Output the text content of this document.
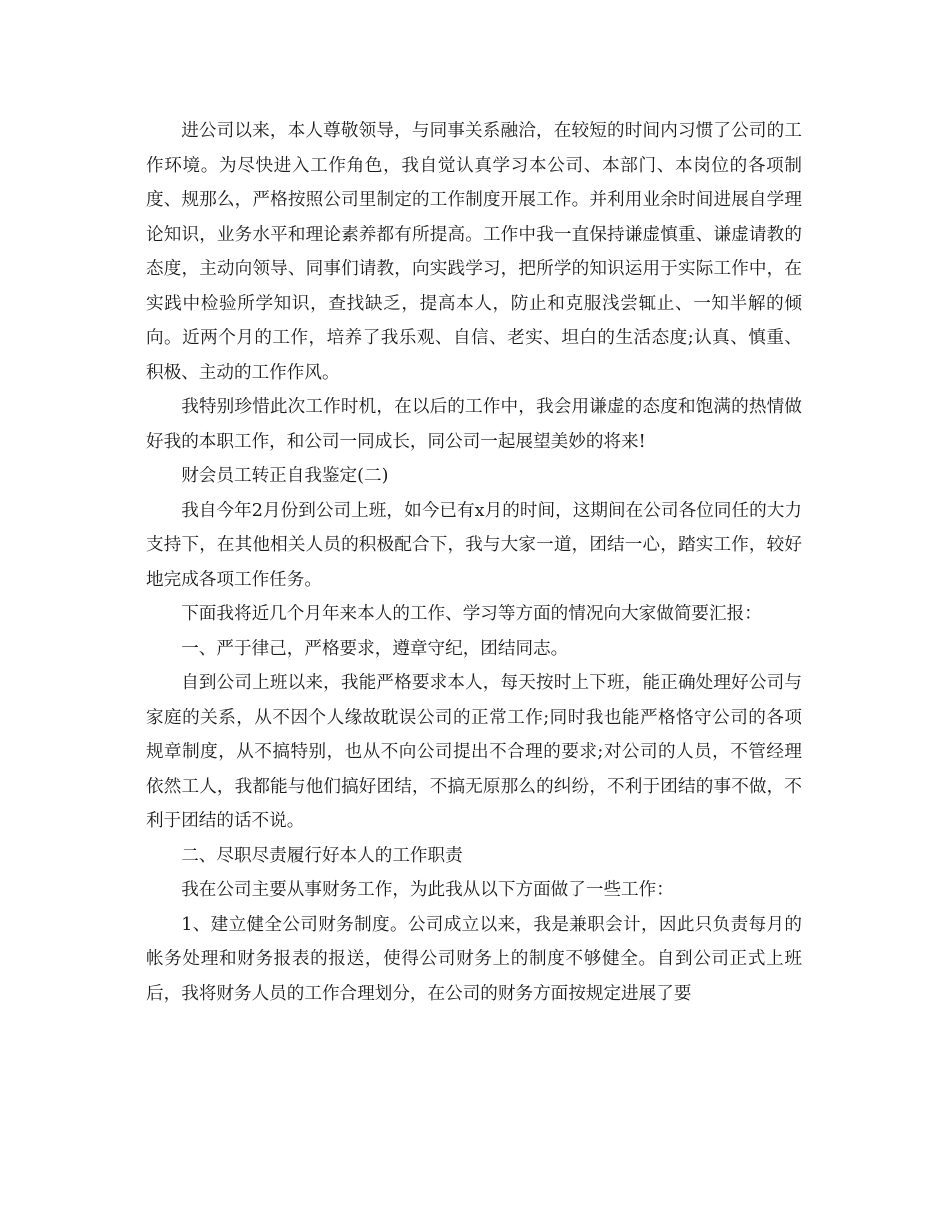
进公司以来，本人尊敬领导，与同事关系融洽，在较短的时间内习惯了公司的工作环境。为尽快进入工作角色，我自觉认真学习本公司、本部门、本岗位的各项制度、规那么，严格按照公司里制定的工作制度开展工作。并利用业余时间进展自学理论知识，业务水平和理论素养都有所提高。工作中我一直保持谦虚慎重、谦虚请教的态度，主动向领导、同事们请教，向实践学习，把所学的知识运用于实际工作中，在实践中检验所学知识，查找缺乏，提高本人，防止和克服浅尝辄止、一知半解的倾向。近两个月的工作，培养了我乐观、自信、老实、坦白的生活态度;认真、慎重、积极、主动的工作作风。

我特别珍惜此次工作时机，在以后的工作中，我会用谦虚的态度和饱满的热情做好我的本职工作，和公司一同成长，同公司一起展望美妙的将来!

财会员工转正自我鉴定(二)

我自今年2月份到公司上班，如今已有x月的时间，这期间在公司各位同任的大力支持下，在其他相关人员的积极配合下，我与大家一道，团结一心，踏实工作，较好地完成各项工作任务。

下面我将近几个月年来本人的工作、学习等方面的情况向大家做简要汇报：

一、严于律己，严格要求，遵章守纪，团结同志。

自到公司上班以来，我能严格要求本人，每天按时上下班，能正确处理好公司与家庭的关系，从不因个人缘故耽误公司的正常工作;同时我也能严格恪守公司的各项规章制度，从不搞特别，也从不向公司提出不合理的要求;对公司的人员，不管经理依然工人，我都能与他们搞好团结，不搞无原那么的纠纷，不利于团结的事不做，不利于团结的话不说。

二、尽职尽责履行好本人的工作职责

我在公司主要从事财务工作，为此我从以下方面做了一些工作：

1、建立健全公司财务制度。公司成立以来，我是兼职会计，因此只负责每月的帐务处理和财务报表的报送，使得公司财务上的制度不够健全。自到公司正式上班后，我将财务人员的工作合理划分，在公司的财务方面按规定进展了要
